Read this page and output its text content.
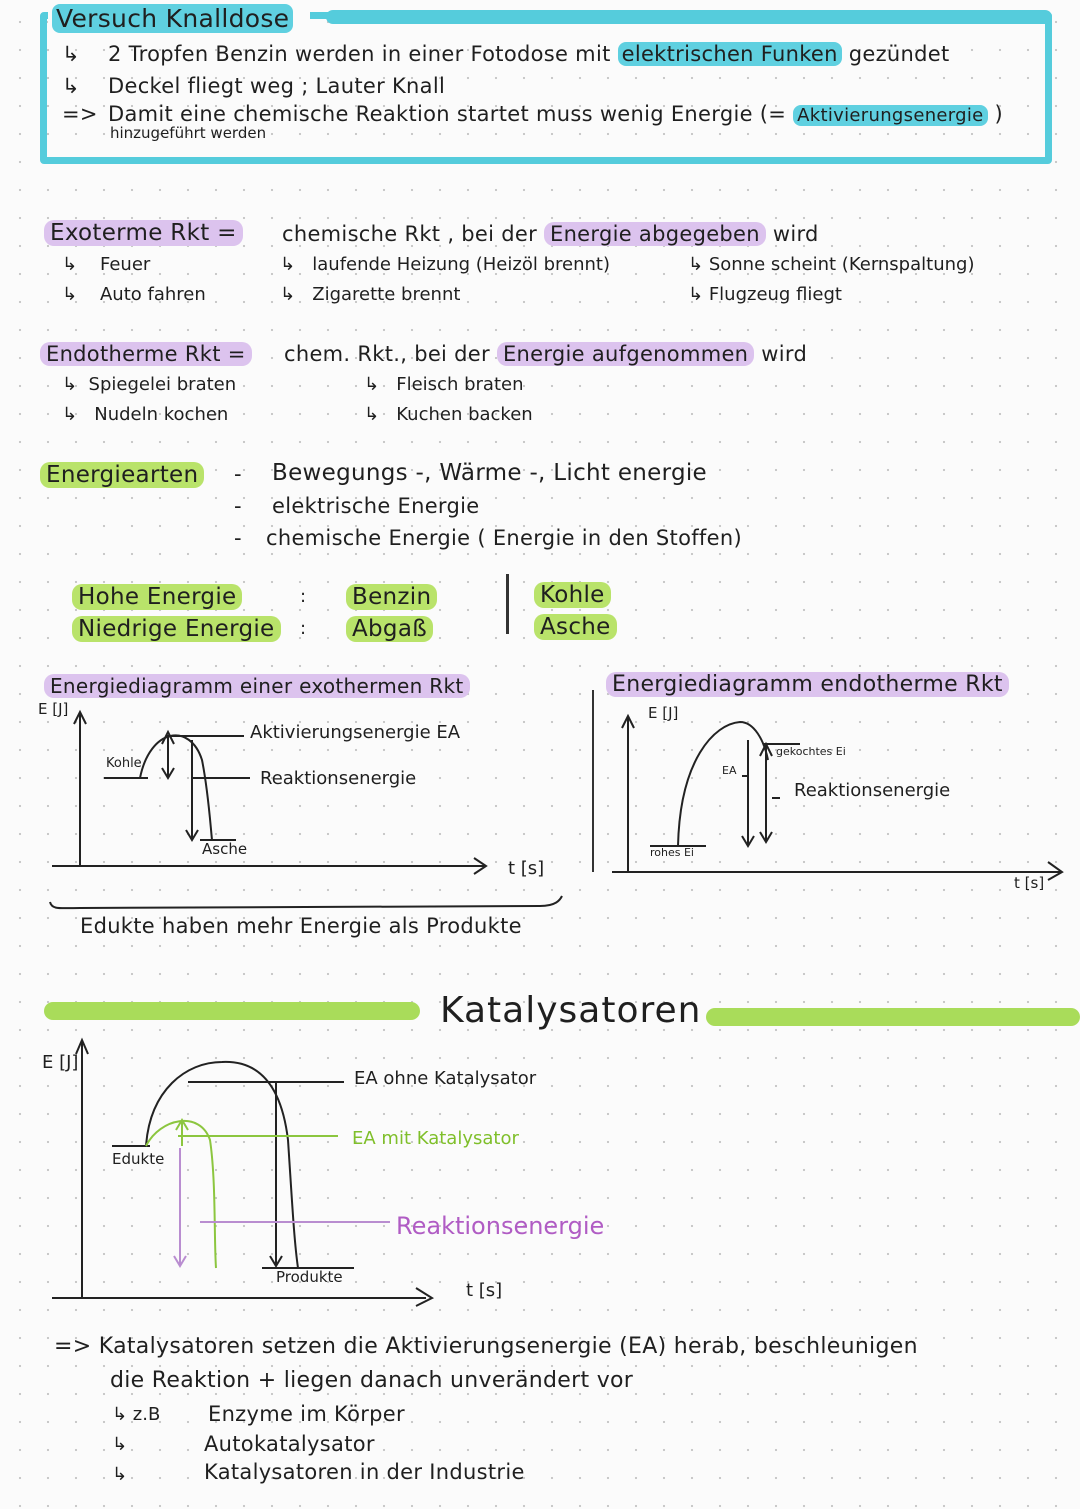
Versuch Knalldose
↳ 2 Tropfen Benzin werden in einer Fotodose mit elektrischen Funken gezündet
↳ Deckel fliegt weg ; Lauter Knall
=> Damit eine chemische Reaktion startet muss wenig Energie (= Aktivierungsenergie )
hinzugeführt werden
Exoterme Rkt = chemische Rkt , bei der Energie abgegeben wird
↳    Feuer
↳    Auto fahren
↳   laufende Heizung (Heizöl brennt)
↳   Zigarette brennt
↳ Sonne scheint (Kernspaltung)
↳ Flugzeug fliegt
Endotherme Rkt = chem. Rkt., bei der Energie aufgenommen wird
↳  Spiegelei braten
↳   Nudeln kochen
↳   Fleisch braten
↳   Kuchen backen
Energiearten -
-
-
Bewegungs -, Wärme -, Licht energie
elektrische Energie
chemische Energie ( Energie in den Stoffen)
Hohe Energie
Niedrige Energie
:
:
Benzin
Abgaß
Kohle
Asche
Energiediagramm einer exothermen Rkt
E [J]
Kohle
Asche
Aktivierungsenergie EA
Reaktionsenergie
t [s]
Energiediagramm endotherme Rkt
E [J]
rohes Ei
gekochtes Ei
EA
Reaktionsenergie
t [s]
Edukte haben mehr Energie als Produkte
Katalysatoren
E [J]
Edukte
Produkte
EA ohne Katalysator
EA mit Katalysator
Reaktionsenergie
t [s]
=> Katalysatoren setzen die Aktivierungsenergie (EA) herab, beschleunigen
die Reaktion + liegen danach unverändert vor
↳ z.B Enzyme im Körper
↳	Autokatalysator
↳	Katalysatoren in der Industrie
